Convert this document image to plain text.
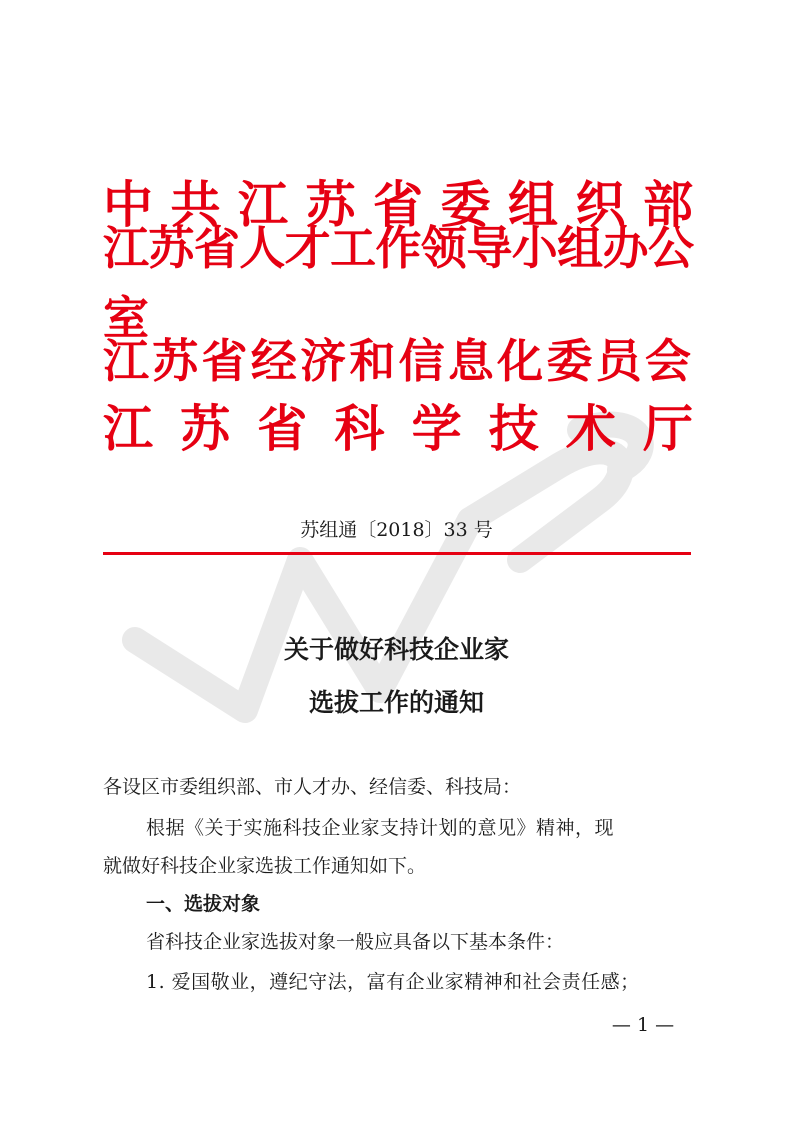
中 共 江 苏 省 委 组 织 部
江苏省人才工作领导小组办公室
江苏省经济和信息化委员会
江 苏 省 科 学 技 术 厅
苏组通〔2018〕33 号
关于做好科技企业家
选拔工作的通知
各设区市委组织部、市人才办、经信委、科技局：
根据《关于实施科技企业家支持计划的意见》精神，现
就做好科技企业家选拔工作通知如下。
一、选拔对象
省科技企业家选拔对象一般应具备以下基本条件：
1. 爱国敬业，遵纪守法，富有企业家精神和社会责任感；
— 1 —
